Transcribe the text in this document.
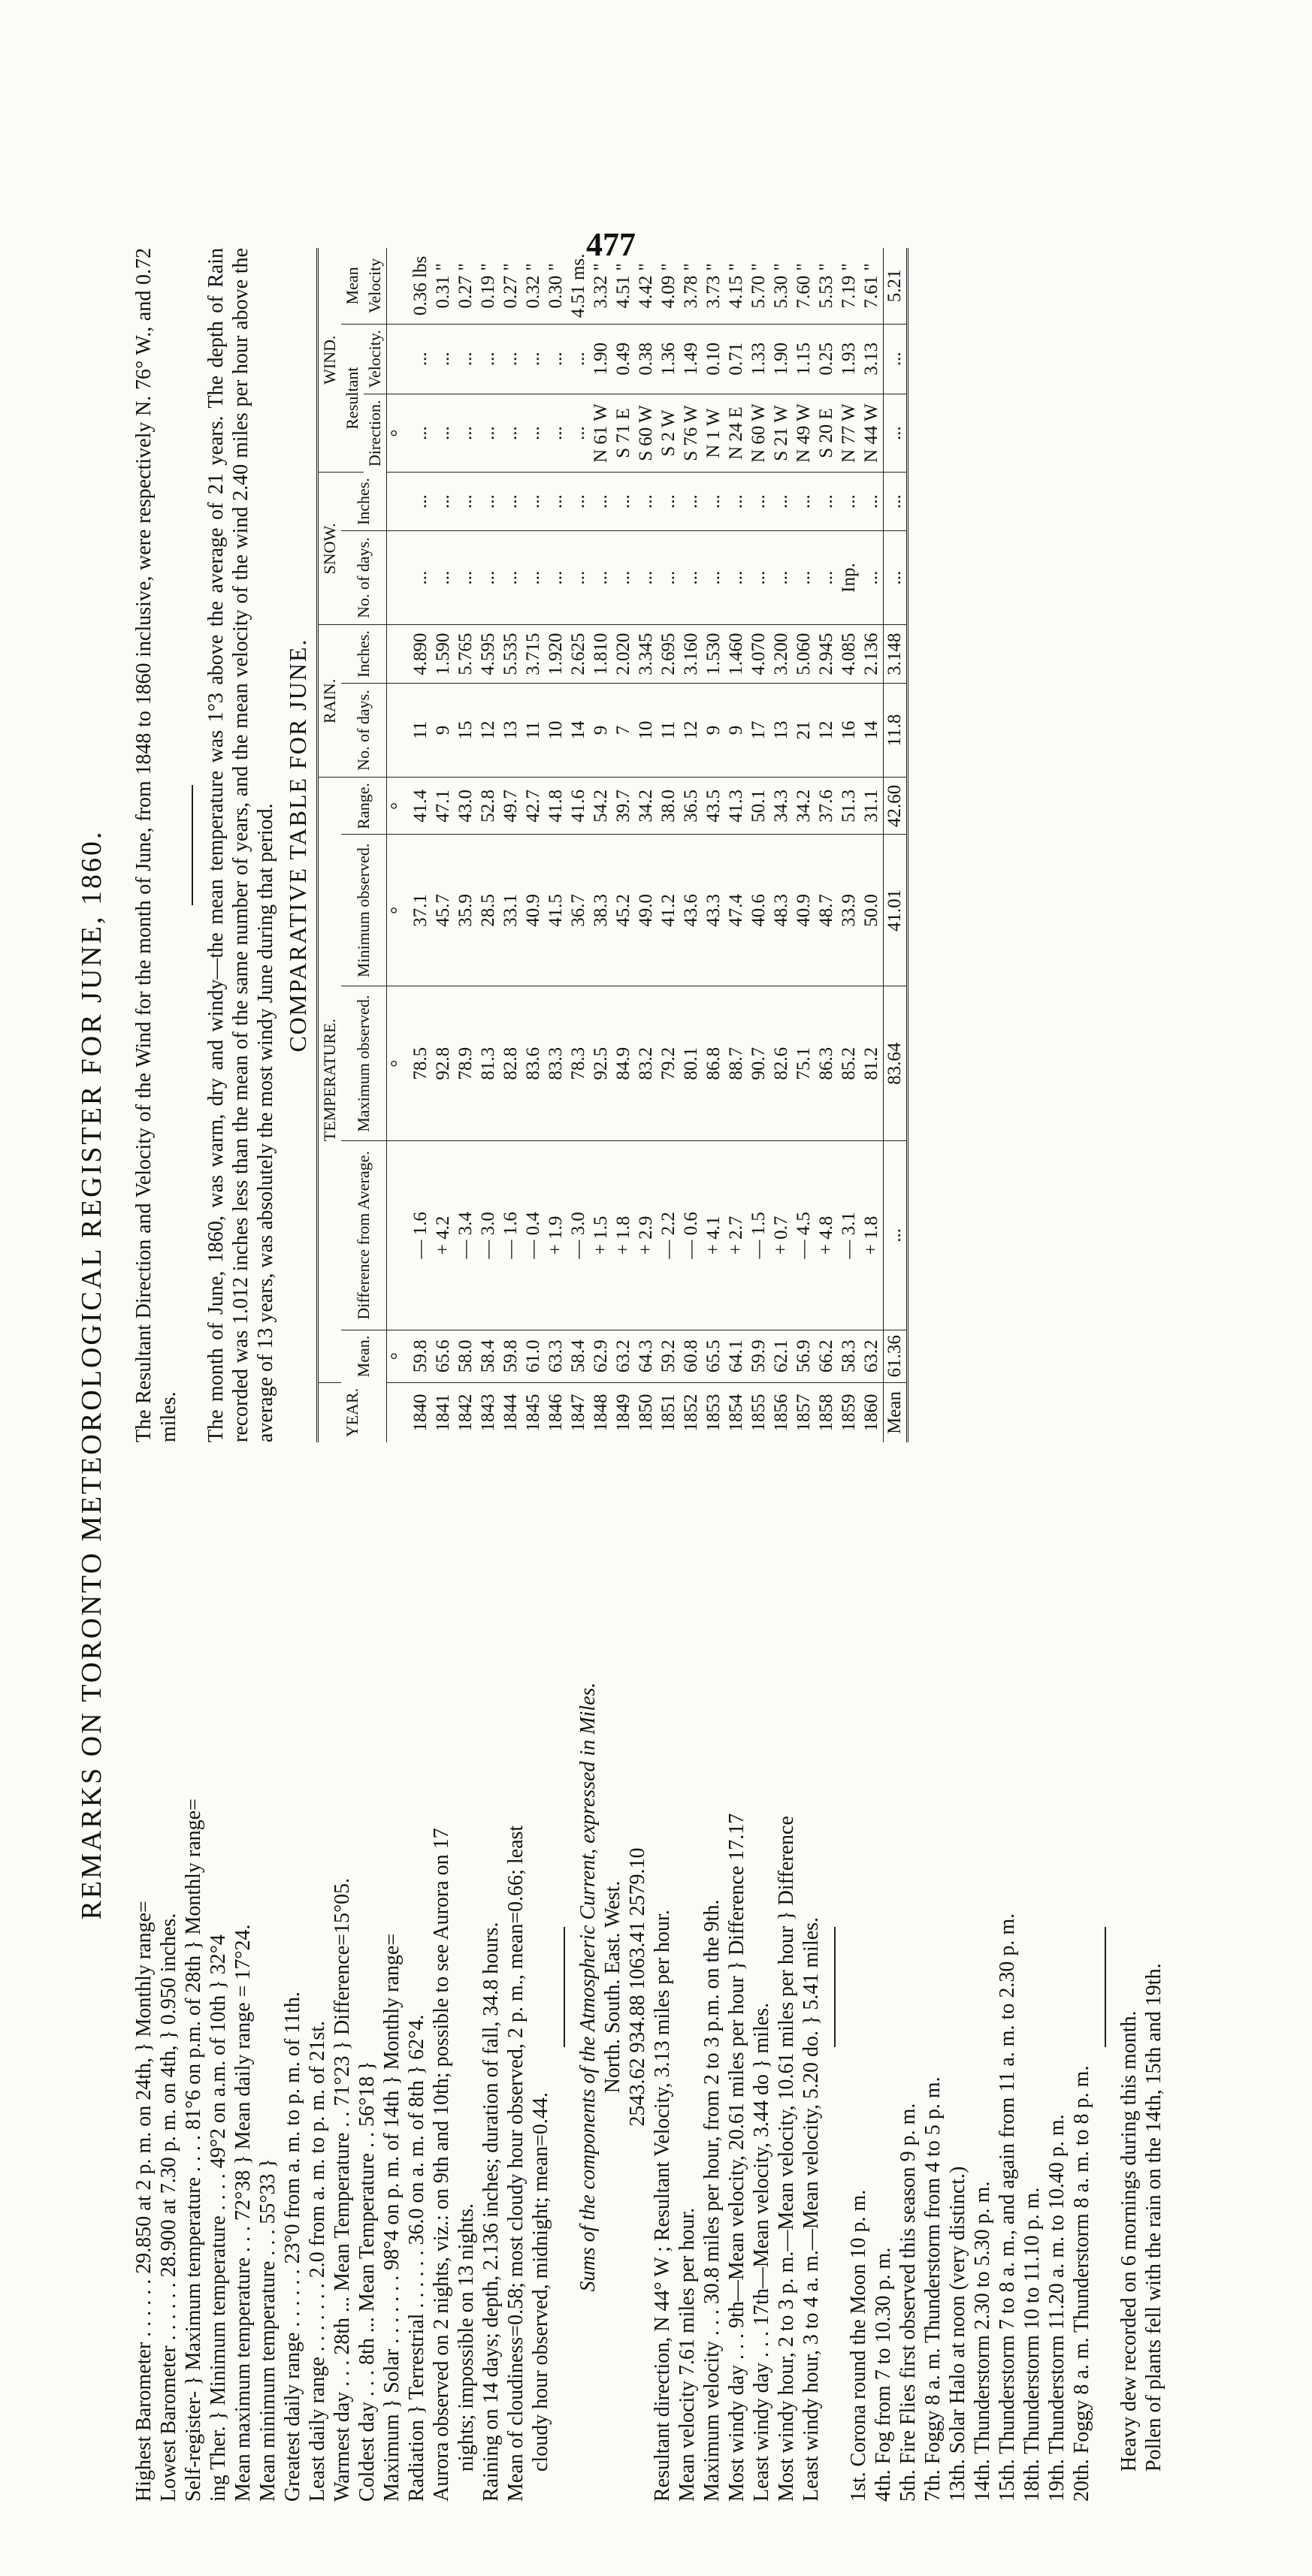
477
REMARKS ON TORONTO METEOROLOGICAL REGISTER FOR JUNE, 1860.
Highest Barometer . . . . . . 29.850 at 2 p. m. on 24th, } Monthly range= Lowest Barometer . . . . . . 28.900 at 7.30 p. m. on 4th, } 0.950 inches. Self-register- } Maximum temperature . . . . 81°6 on p.m. of 28th } Monthly range= ing Ther. } Minimum temperature . . . . 49°2 on a.m. of 10th } 32°4 Mean maximum temperature . . . 72°38 } Mean daily range = 17°24. Mean minimum temperature . . . 55°33 } Greatest daily range . . . . . . 23°0 from a. m. to p. m. of 11th. Least daily range . . . . . . . 2.0 from a. m. to p. m. of 21st. Warmest day . . . 28th ... Mean Temperature . . 71°23 } Difference=15°05. Coldest day . . . 8th ... Mean Temperature . . 56°18 } Maximum } Solar . . . . . . . 98°4 on p. m. of 14th } Monthly range= Radiation } Terrestrial . . . . . . 36.0 on a. m. of 8th } 62°4. Aurora observed on 2 nights, viz.: on 9th and 10th; possible to see Aurora on 17 nights; impossible on 13 nights. Raining on 14 days; depth, 2.136 inches; duration of fall, 34.8 hours. Mean of cloudiness=0.58; most cloudy hour observed, 2 p. m., mean=0.66; least cloudy hour observed, midnight; mean=0.44. Sums of the components of the Atmospheric Current, expressed in Miles. North. South. East. West. 2543.62 934.88 1063.41 2579.10 Resultant direction, N 44° W ; Resultant Velocity, 3.13 miles per hour. Mean velocity 7.61 miles per hour. Maximum velocity . . . 30.8 miles per hour, from 2 to 3 p.m. on the 9th. Most windy day . . . 9th—Mean velocity, 20.61 miles per hour } Difference 17.17 Least windy day . . . 17th—Mean velocity, 3.44 do } miles. Most windy hour, 2 to 3 p. m.—Mean velocity, 10.61 miles per hour } Difference Least windy hour, 3 to 4 a. m.—Mean velocity, 5.20 do. } 5.41 miles. 1st. Corona round the Moon 10 p. m. 4th. Fog from 7 to 10.30 p. m. 5th. Fire Flies first observed this season 9 p. m. 7th. Foggy 8 a. m. Thunderstorm from 4 to 5 p. m. 13th. Solar Halo at noon (very distinct.) 14th. Thunderstorm 2.30 to 5.30 p. m. 15th. Thunderstorm 7 to 8 a. m., and again from 11 a. m. to 2.30 p. m. 18th. Thunderstorm 10 to 11.10 p. m. 19th. Thunderstorm 11.20 a. m. to 10.40 p. m. 20th. Foggy 8 a. m. Thunderstorm 8 a. m. to 8 p. m. Heavy dew recorded on 6 mornings during this month. Pollen of plants fell with the rain on the 14th, 15th and 19th.
The Resultant Direction and Velocity of the Wind for the month of June, from 1848 to 1860 inclusive, were respectively N. 76° W., and 0.72 miles. The month of June, 1860, was warm, dry and windy—the mean temperature was 1°3 above the average of 21 years. The depth of Rain recorded was 1.012 inches less than the mean of the same number of years, and the mean velocity of the wind 2.40 miles per hour above the average of 13 years, was absolutely the most windy June during that period. COMPARATIVE TABLE FOR JUNE.
YEAR.	TEMPERATURE.					RAIN.		SNOW.		WIND.		
	Mean.	Difference from Average.	Maximum observed.	Minimum observed.	Range.	No. of days.	Inches.	No. of days.	Inches.	Resultant		Mean
										Direction.	Velocity.	Velocity
	°		°	°	°					°		
1840	59.8	— 1.6	78.5	37.1	41.4	11	4.890	...	...	...	...	0.36 lbs
1841	65.6	+ 4.2	92.8	45.7	47.1	9	1.590	...	...	...	...	0.31 "
1842	58.0	— 3.4	78.9	35.9	43.0	15	5.765	...	...	...	...	0.27 "
1843	58.4	— 3.0	81.3	28.5	52.8	12	4.595	...	...	...	...	0.19 "
1844	59.8	— 1.6	82.8	33.1	49.7	13	5.535	...	...	...	...	0.27 "
1845	61.0	— 0.4	83.6	40.9	42.7	11	3.715	...	...	...	...	0.32 "
1846	63.3	+ 1.9	83.3	41.5	41.8	10	1.920	...	...	...	...	0.30 "
1847	58.4	— 3.0	78.3	36.7	41.6	14	2.625	...	...	...	...	4.51 ms.
1848	62.9	+ 1.5	92.5	38.3	54.2	9	1.810	...	...	N 61 W	1.90	3.32 "
1849	63.2	+ 1.8	84.9	45.2	39.7	7	2.020	...	...	S 71 E	0.49	4.51 "
1850	64.3	+ 2.9	83.2	49.0	34.2	10	3.345	...	...	S 60 W	0.38	4.42 "
1851	59.2	— 2.2	79.2	41.2	38.0	11	2.695	...	...	S 2 W	1.36	4.09 "
1852	60.8	— 0.6	80.1	43.6	36.5	12	3.160	...	...	S 76 W	1.49	3.78 "
1853	65.5	+ 4.1	86.8	43.3	43.5	9	1.530	...	...	N 1 W	0.10	3.73 "
1854	64.1	+ 2.7	88.7	47.4	41.3	9	1.460	...	...	N 24 E	0.71	4.15 "
1855	59.9	— 1.5	90.7	40.6	50.1	17	4.070	...	...	N 60 W	1.33	5.70 "
1856	62.1	+ 0.7	82.6	48.3	34.3	13	3.200	...	...	S 21 W	1.90	5.30 "
1857	56.9	— 4.5	75.1	40.9	34.2	21	5.060	...	...	N 49 W	1.15	7.60 "
1858	66.2	+ 4.8	86.3	48.7	37.6	12	2.945	...	...	S 20 E	0.25	5.53 "
1859	58.3	— 3.1	85.2	33.9	51.3	16	4.085	Inp.	...	N 77 W	1.93	7.19 "
1860	63.2	+ 1.8	81.2	50.0	31.1	14	2.136	...	...	N 44 W	3.13	7.61 "
Mean	61.36	...	83.64	41.01	42.60	11.8	3.148	...	...	...	...	5.21
